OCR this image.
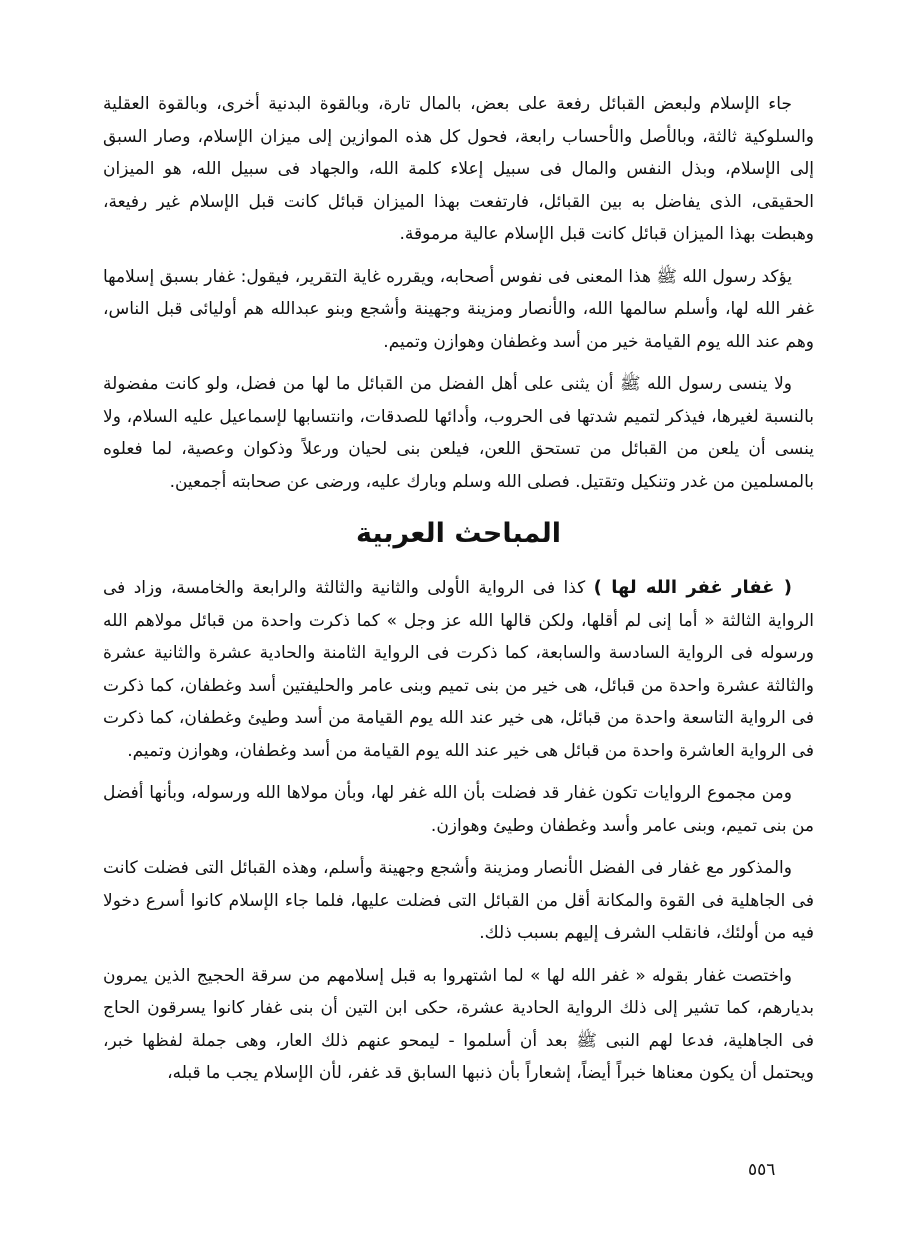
جاء الإسلام ولبعض القبائل رفعة على بعض، بالمال تارة، وبالقوة البدنية أخرى، وبالقوة العقلية والسلوكية ثالثة، وبالأصل والأحساب رابعة، فحول كل هذه الموازين إلى ميزان الإسلام، وصار السبق إلى الإسلام، وبذل النفس والمال فى سبيل إعلاء كلمة الله، والجهاد فى سبيل الله، هو الميزان الحقيقى، الذى يفاضل به بين القبائل، فارتفعت بهذا الميزان قبائل كانت قبل الإسلام غير رفيعة، وهبطت بهذا الميزان قبائل كانت قبل الإسلام عالية مرموقة.

يؤكد رسول الله ﷺ هذا المعنى فى نفوس أصحابه، ويقرره غاية التقرير، فيقول: غفار بسبق إسلامها غفر الله لها، وأسلم سالمها الله، والأنصار ومزينة وجهينة وأشجع وبنو عبدالله هم أوليائى قبل الناس، وهم عند الله يوم القيامة خير من أسد وغطفان وهوازن وتميم.

ولا ينسى رسول الله ﷺ أن يثنى على أهل الفضل من القبائل ما لها من فضل، ولو كانت مفضولة بالنسبة لغيرها، فيذكر لتميم شدتها فى الحروب، وأدائها للصدقات، وانتسابها لإسماعيل عليه السلام، ولا ينسى أن يلعن من القبائل من تستحق اللعن، فيلعن بنى لحيان ورعلاً وذكوان وعصية، لما فعلوه بالمسلمين من غدر وتنكيل وتقتيل. فصلى الله وسلم وبارك عليه، ورضى عن صحابته أجمعين.

المباحث العربية

( غفار غفر الله لها ) كذا فى الرواية الأولى والثانية والثالثة والرابعة والخامسة، وزاد فى الرواية الثالثة « أما إنى لم أقلها، ولكن قالها الله عز وجل » كما ذكرت واحدة من قبائل مولاهم الله ورسوله فى الرواية السادسة والسابعة، كما ذكرت فى الرواية الثامنة والحادية عشرة والثانية عشرة والثالثة عشرة واحدة من قبائل، هى خير من بنى تميم وبنى عامر والحليفتين أسد وغطفان، كما ذكرت فى الرواية التاسعة واحدة من قبائل، هى خير عند الله يوم القيامة من أسد وطيئ وغطفان، كما ذكرت فى الرواية العاشرة واحدة من قبائل هى خير عند الله يوم القيامة من أسد وغطفان، وهوازن وتميم.

ومن مجموع الروايات تكون غفار قد فضلت بأن الله غفر لها، وبأن مولاها الله ورسوله، وبأنها أفضل من بنى تميم، وبنى عامر وأسد وغطفان وطيئ وهوازن.

والمذكور مع غفار فى الفضل الأنصار ومزينة وأشجع وجهينة وأسلم، وهذه القبائل التى فضلت كانت فى الجاهلية فى القوة والمكانة أقل من القبائل التى فضلت عليها، فلما جاء الإسلام كانوا أسرع دخولا فيه من أولئك، فانقلب الشرف إليهم بسبب ذلك.

واختصت غفار بقوله « غفر الله لها » لما اشتهروا به قبل إسلامهم من سرقة الحجيج الذين يمرون بديارهم، كما تشير إلى ذلك الرواية الحادية عشرة، حكى ابن التين أن بنى غفار كانوا يسرقون الحاج فى الجاهلية، فدعا لهم النبى ﷺ بعد أن أسلموا - ليمحو عنهم ذلك العار، وهى جملة لفظها خبر، ويحتمل أن يكون معناها خبراً أيضاً، إشعاراً بأن ذنبها السابق قد غفر، لأن الإسلام يجب ما قبله،

٥٥٦
